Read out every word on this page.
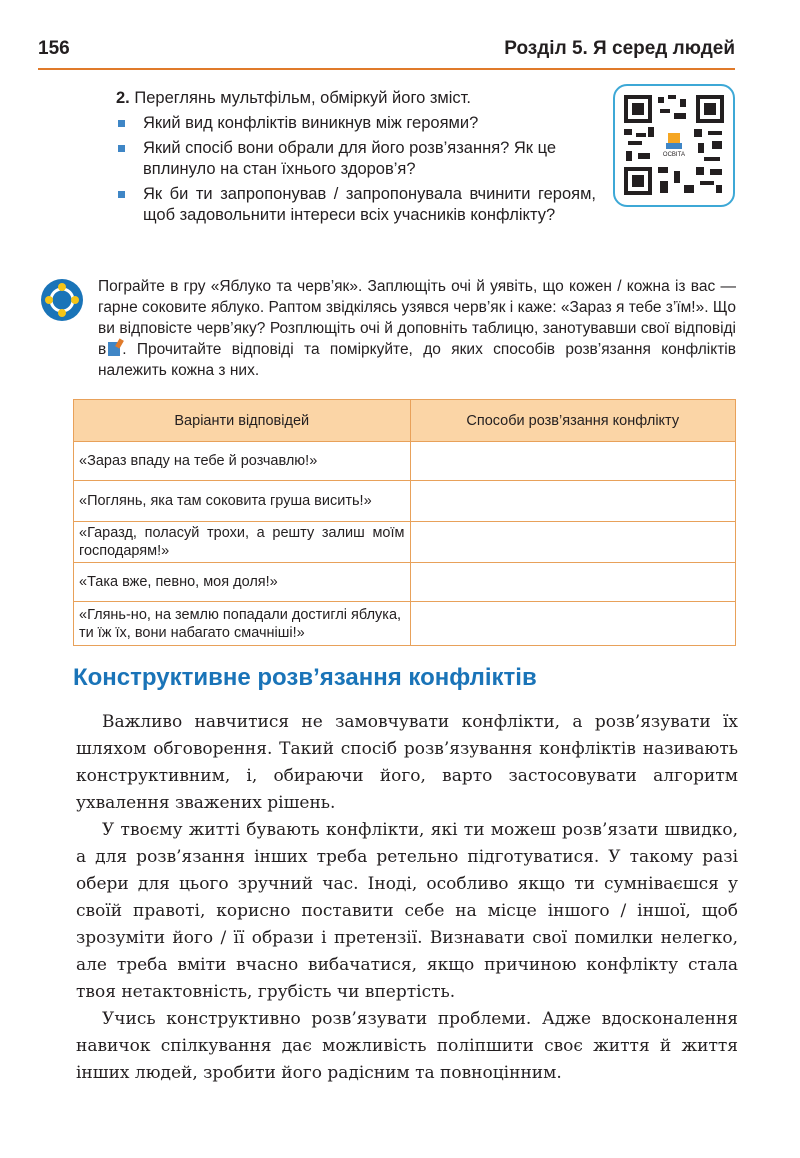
156	Розділ 5. Я серед людей
2. Переглянь мультфільм, обміркуй його зміст.
Який вид конфліктів виникнув між героями?
Який спосіб вони обрали для його розв’язання? Як це вплинуло на стан їхнього здоров’я?
Як би ти запропонував / запропонувала вчинити героям, щоб задовольнити інтереси всіх учасників конфлікту?
ОСВІТА
Пограйте в гру «Яблуко та черв’як». Заплющіть очі й уявіть, що кожен / кожна із вас — гарне соковите яблуко. Раптом звідкілясь узявся черв’як і каже: «Зараз я тебе з’їм!». Що ви відповісте черв’яку? Розплющіть очі й доповніть таблицю, занотувавши свої відповіді в . Прочитайте відповіді та поміркуйте, до яких способів розв’язання конфліктів належить кожна з них.
Варіанти відповідей	Способи розв’язання конфлікту
«Зараз впаду на тебе й розчавлю!»	
«Поглянь, яка там соковита груша висить!»	
«Гаразд, поласуй трохи, а решту залиш моїм господарям!»	
«Така вже, певно, моя доля!»	
«Глянь-но, на землю попадали достиглі яблука, ти їж їх, вони набагато смачніші!»	
Конструктивне розв’язання конфліктів

Важливо навчитися не замовчувати конфлікти, а розв’язувати їх шляхом обговорення. Такий спосіб розв’язування конфліктів називають конструктивним, і, обираючи його, варто застосовувати алгоритм ухвалення зважених рішень.

У твоєму житті бувають конфлікти, які ти можеш розв’язати швидко, а для розв’язання інших треба ретельно підготуватися. У такому разі обери для цього зручний час. Іноді, особливо якщо ти сумніваєшся у своїй правоті, корисно поставити себе на місце іншого / іншої, щоб зрозуміти його / її образи і претензії. Визнавати свої помилки нелегко, але треба вміти вчасно вибачатися, якщо причиною конфлікту стала твоя нетактовність, грубість чи впертість.

Учись конструктивно розв’язувати проблеми. Адже вдосконалення навичок спілкування дає можливість поліпшити своє життя й життя інших людей, зробити його радісним та повноцінним.
